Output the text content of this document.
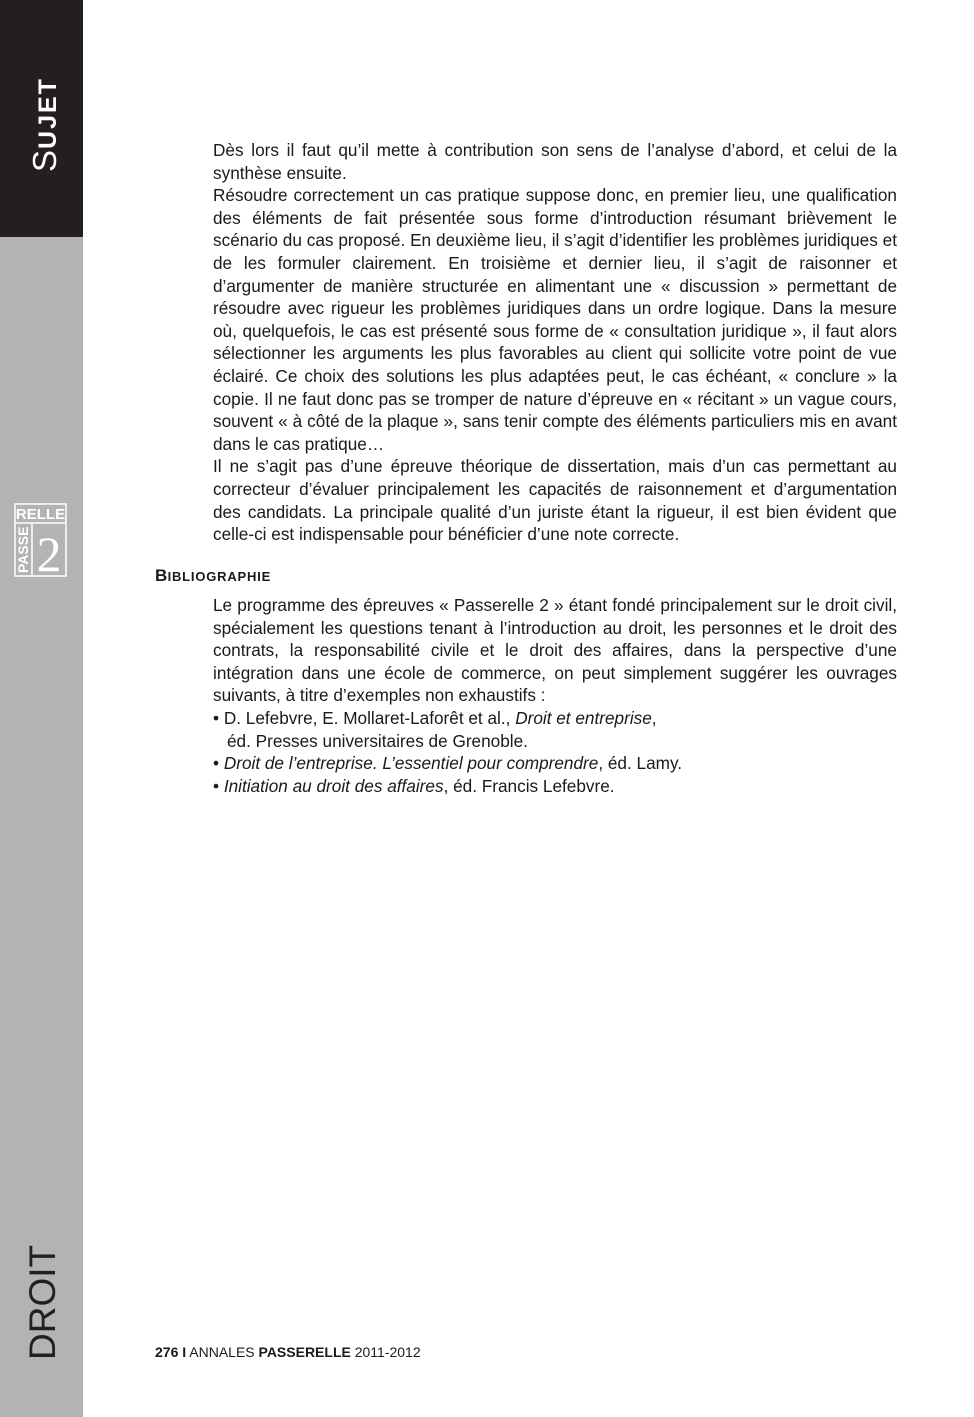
SUJET
RELLE
PASSE 2
DROIT

Dès lors il faut qu’il mette à contribution son sens de l’analyse d’abord, et celui de la synthèse ensuite.

Résoudre correctement un cas pratique suppose donc, en premier lieu, une qualification des éléments de fait présentée sous forme d’introduction résumant brièvement le scénario du cas proposé. En deuxième lieu, il s’agit d’identifier les problèmes juridiques et de les formuler clairement. En troisième et dernier lieu, il s’agit de raisonner et d’argumenter de manière structurée en alimentant une « discussion » permettant de résoudre avec rigueur les problèmes juridiques dans un ordre logique. Dans la mesure où, quelquefois, le cas est présenté sous forme de « consultation juridique », il faut alors sélectionner les arguments les plus favorables au client qui sollicite votre point de vue éclairé. Ce choix des solutions les plus adaptées peut, le cas échéant, « conclure » la copie. Il ne faut donc pas se tromper de nature d’épreuve en « récitant » un vague cours, souvent « à côté de la plaque », sans tenir compte des éléments particuliers mis en avant dans le cas pratique…

Il ne s’agit pas d’une épreuve théorique de dissertation, mais d’un cas permettant au correcteur d’évaluer principalement les capacités de raisonnement et d’argumentation des candidats. La principale qualité d’un juriste étant la rigueur, il est bien évident que celle-ci est indispensable pour bénéficier d’une note correcte.

BIBLIOGRAPHIE

Le programme des épreuves « Passerelle 2 » étant fondé principalement sur le droit civil, spécialement les questions tenant à l’introduction au droit, les personnes et le droit des contrats, la responsabilité civile et le droit des affaires, dans la perspective d’une intégration dans une école de commerce, on peut simplement suggérer les ouvrages suivants, à titre d’exemples non exhaustifs :

• D. Lefebvre, E. Mollaret-Laforêt et al., Droit et entreprise,
éd. Presses universitaires de Grenoble.
• Droit de l’entreprise. L’essentiel pour comprendre, éd. Lamy.
• Initiation au droit des affaires, éd. Francis Lefebvre.
276 I ANNALES PASSERELLE 2011-2012
